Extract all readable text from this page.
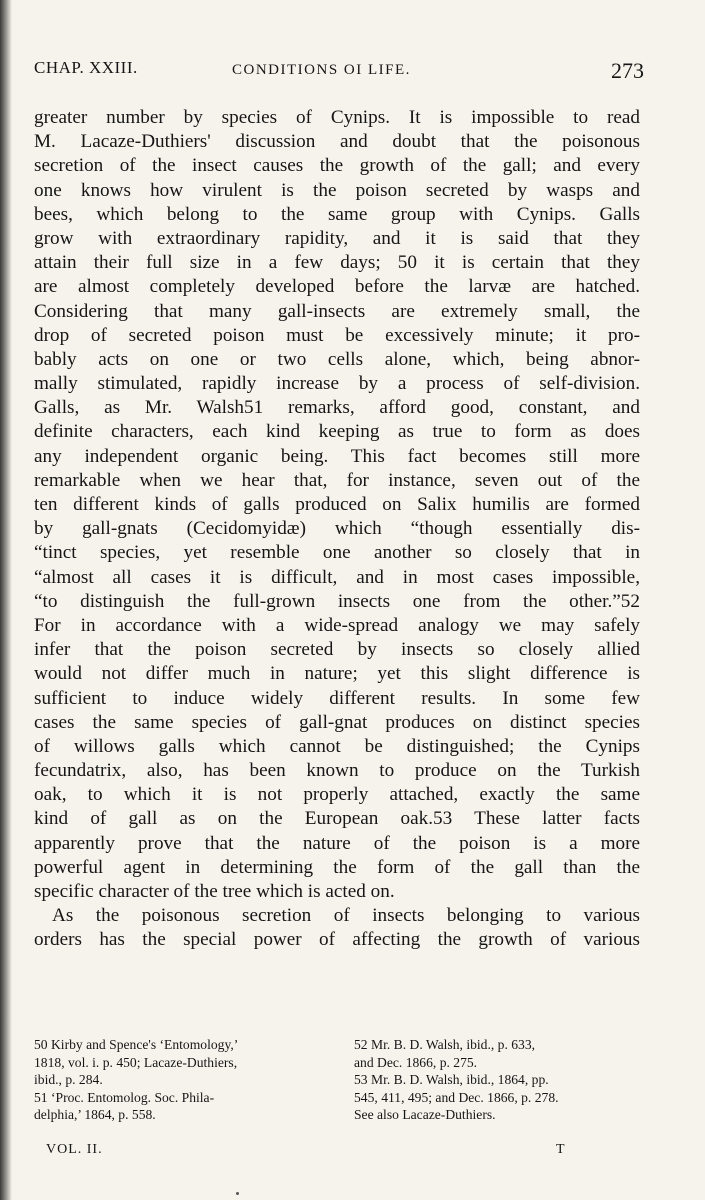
CHAP. XXIII.	CONDITIONS OI LIFE.	273
greater number by species of Cynips. It is impossible to read
M. Lacaze-Duthiers' discussion and doubt that the poisonous
secretion of the insect causes the growth of the gall; and every
one knows how virulent is the poison secreted by wasps and
bees, which belong to the same group with Cynips. Galls
grow with extraordinary rapidity, and it is said that they
attain their full size in a few days; 50 it is certain that they
are almost completely developed before the larvæ are hatched.
Considering that many gall-insects are extremely small, the
drop of secreted poison must be excessively minute; it pro-
bably acts on one or two cells alone, which, being abnor-
mally stimulated, rapidly increase by a process of self-division.
Galls, as Mr. Walsh51 remarks, afford good, constant, and
definite characters, each kind keeping as true to form as does
any independent organic being. This fact becomes still more
remarkable when we hear that, for instance, seven out of the
ten different kinds of galls produced on Salix humilis are formed
by gall-gnats (Cecidomyidæ) which “though essentially dis-
“tinct species, yet resemble one another so closely that in
“almost all cases it is difficult, and in most cases impossible,
“to distinguish the full-grown insects one from the other.”52
For in accordance with a wide-spread analogy we may safely
infer that the poison secreted by insects so closely allied
would not differ much in nature; yet this slight difference is
sufficient to induce widely different results. In some few
cases the same species of gall-gnat produces on distinct species
of willows galls which cannot be distinguished; the Cynips
fecundatrix, also, has been known to produce on the Turkish
oak, to which it is not properly attached, exactly the same
kind of gall as on the European oak.53 These latter facts
apparently prove that the nature of the poison is a more
powerful agent in determining the form of the gall than the
specific character of the tree which is acted on.
As the poisonous secretion of insects belonging to various
orders has the special power of affecting the growth of various
50 Kirby and Spence's ‘Entomology,’
1818, vol. i. p. 450; Lacaze-Duthiers,
ibid., p. 284.
51 ‘Proc. Entomolog. Soc. Phila-
delphia,’ 1864, p. 558.
52 Mr. B. D. Walsh, ibid., p. 633,
and Dec. 1866, p. 275.
53 Mr. B. D. Walsh, ibid., 1864, pp.
545, 411, 495; and Dec. 1866, p. 278.
See also Lacaze-Duthiers.
VOL. II.	T
